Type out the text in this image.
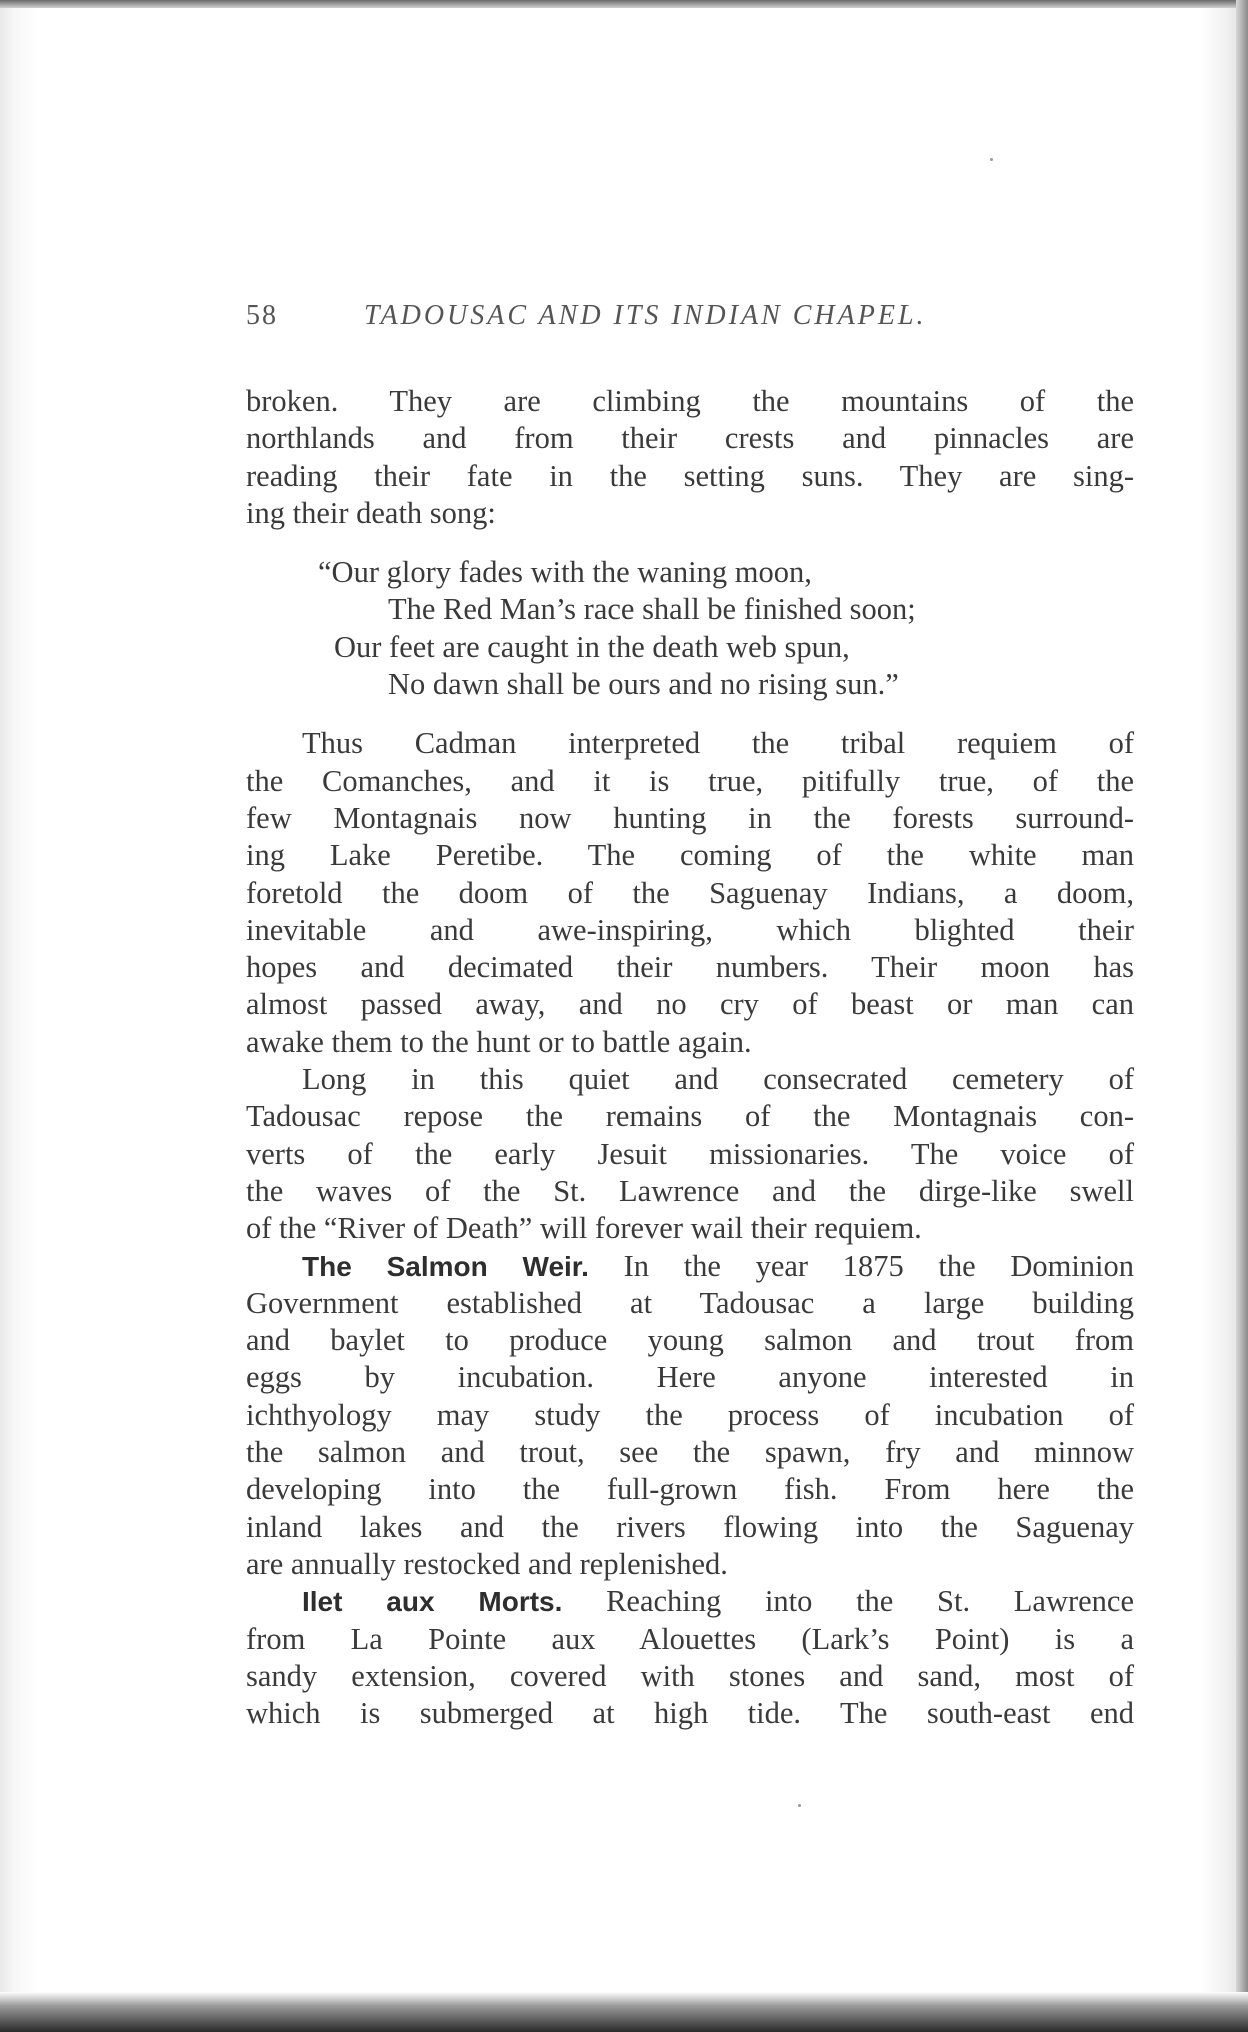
58	TADOUSAC AND ITS INDIAN CHAPEL.
broken. They are climbing the mountains of the
northlands and from their crests and pinnacles are
reading their fate in the setting suns. They are sing-
ing their death song:
“Our glory fades with the waning moon,
The Red Man’s race shall be finished soon;
Our feet are caught in the death web spun,
No dawn shall be ours and no rising sun.”
Thus Cadman interpreted the tribal requiem of
the Comanches, and it is true, pitifully true, of the
few Montagnais now hunting in the forests surround-
ing Lake Peretibe. The coming of the white man
foretold the doom of the Saguenay Indians, a doom,
inevitable and awe-inspiring, which blighted their
hopes and decimated their numbers. Their moon has
almost passed away, and no cry of beast or man can
awake them to the hunt or to battle again.
Long in this quiet and consecrated cemetery of
Tadousac repose the remains of the Montagnais con-
verts of the early Jesuit missionaries. The voice of
the waves of the St. Lawrence and the dirge-like swell
of the “River of Death” will forever wail their requiem.
The Salmon Weir. In the year 1875 the Dominion
Government established at Tadousac a large building
and baylet to produce young salmon and trout from
eggs by incubation. Here anyone interested in
ichthyology may study the process of incubation of
the salmon and trout, see the spawn, fry and minnow
developing into the full-grown fish. From here the
inland lakes and the rivers flowing into the Saguenay
are annually restocked and replenished.
Ilet aux Morts. Reaching into the St. Lawrence
from La Pointe aux Alouettes (Lark’s Point) is a
sandy extension, covered with stones and sand, most of
which is submerged at high tide. The south-east end
